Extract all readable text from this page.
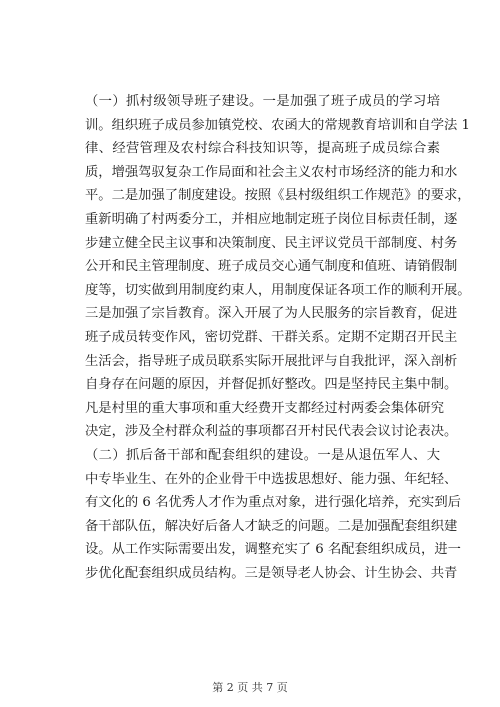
（一）抓村级领导班子建设。一是加强了班子成员的学习培
训。组织班子成员参加镇党校、农函大的常规教育培训和自学法 1
律、经营管理及农村综合科技知识等，提高班子成员综合素
质，增强驾驭复杂工作局面和社会主义农村市场经济的能力和水
平。二是加强了制度建设。按照《县村级组织工作规范》的要求，
重新明确了村两委分工，并相应地制定班子岗位目标责任制，逐
步建立健全民主议事和决策制度、民主评议党员干部制度、村务
公开和民主管理制度、班子成员交心通气制度和值班、请销假制
度等，切实做到用制度约束人，用制度保证各项工作的顺利开展。
三是加强了宗旨教育。深入开展了为人民服务的宗旨教育，促进
班子成员转变作风，密切党群、干群关系。定期不定期召开民主
生活会，指导班子成员联系实际开展批评与自我批评，深入剖析
自身存在问题的原因，并督促抓好整改。四是坚持民主集中制。
凡是村里的重大事项和重大经费开支都经过村两委会集体研究
决定，涉及全村群众利益的事项都召开村民代表会议讨论表决。
（二）抓后备干部和配套组织的建设。一是从退伍军人、大
中专毕业生、在外的企业骨干中选拔思想好、能力强、年纪轻、
有文化的 6 名优秀人才作为重点对象，进行强化培养，充实到后
备干部队伍，解决好后备人才缺乏的问题。二是加强配套组织建
设。从工作实际需要出发，调整充实了 6 名配套组织成员，进一
步优化配套组织成员结构。三是领导老人协会、计生协会、共青
第 2 页 共 7 页
